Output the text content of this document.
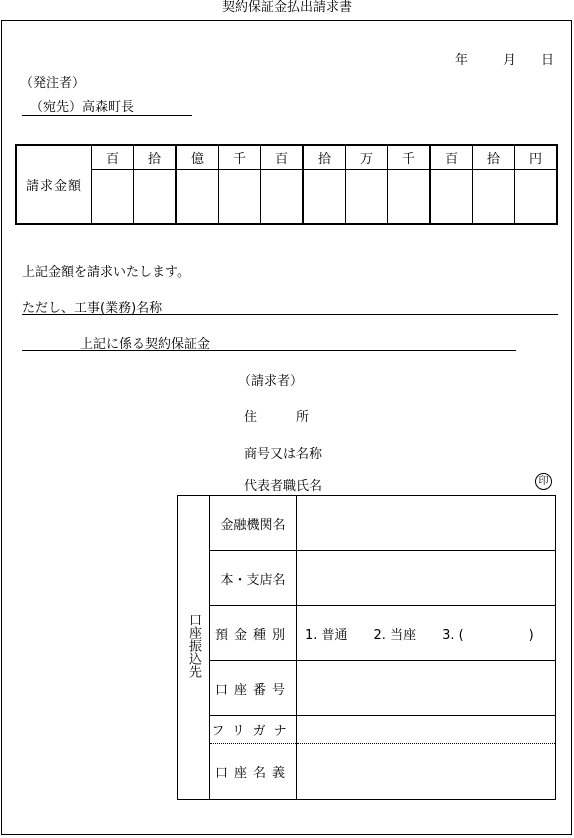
契約保証金払出請求書
年	月 日
（発注者）
（宛先）高森町長
請求金額	百	拾	億	千	百	拾	万	千	百	拾	円

上記金額を請求いたします。
ただし、工事(業務)名称
上記に係る契約保証金
（請求者）
住　　　所
商号又は名称
代表者職氏名	印
口座振込先	金融機関名	
	本・支店名	
	預金種別	1. 普通　　2. 当座　　3. (　　　　　)
	口座番号	
	フリガナ	
	口座名義	
